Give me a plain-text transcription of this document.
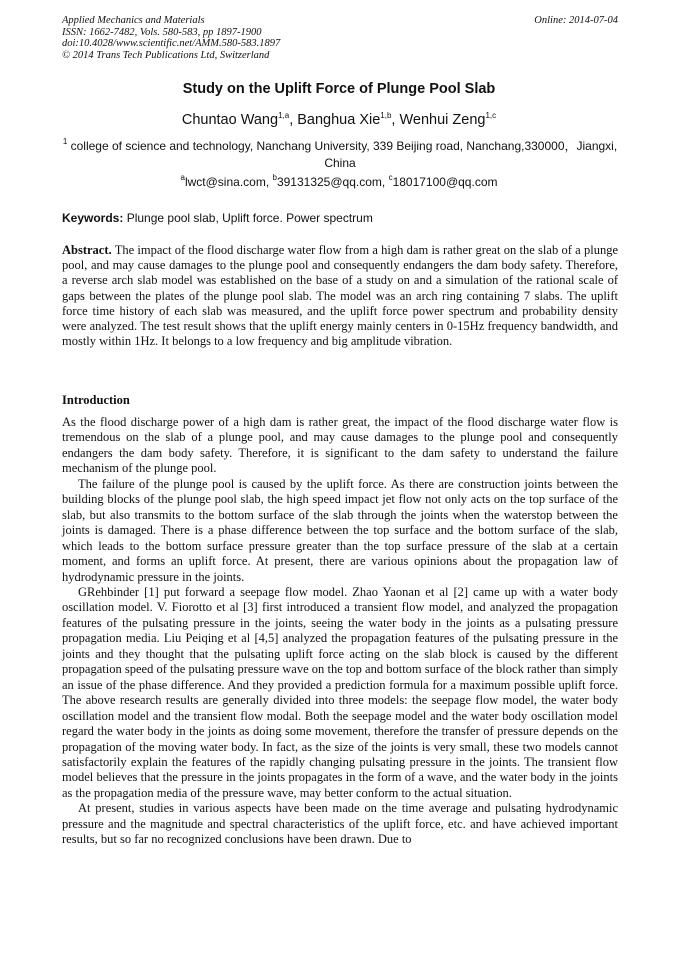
Applied Mechanics and Materials
ISSN: 1662-7482, Vols. 580-583, pp 1897-1900
doi:10.4028/www.scientific.net/AMM.580-583.1897
© 2014 Trans Tech Publications Ltd, Switzerland
Online: 2014-07-04
Study on the Uplift Force of Plunge Pool Slab
Chuntao Wang$^{1,a}$, Banghua Xie$^{1,b}$, Wenhui Zeng$^{1,c}$
$^1$ college of science and technology, Nanchang University, 339 Beijing road, Nanchang,330000，Jiangxi, China
$^a$lwct@sina.com, $^b$39131325@qq.com, $^c$18017100@qq.com
Keywords: Plunge pool slab, Uplift force. Power spectrum
Abstract. The impact of the flood discharge water flow from a high dam is rather great on the slab of a plunge pool, and may cause damages to the plunge pool and consequently endangers the dam body safety. Therefore, a reverse arch slab model was established on the base of a study on and a simulation of the rational scale of gaps between the plates of the plunge pool slab. The model was an arch ring containing 7 slabs. The uplift force time history of each slab was measured, and the uplift force power spectrum and probability density were analyzed. The test result shows that the uplift energy mainly centers in 0-15Hz frequency bandwidth, and mostly within 1Hz. It belongs to a low frequency and big amplitude vibration.
Introduction

As the flood discharge power of a high dam is rather great, the impact of the flood discharge water flow is tremendous on the slab of a plunge pool, and may cause damages to the plunge pool and consequently endangers the dam body safety. Therefore, it is significant to the dam safety to understand the failure mechanism of the plunge pool.

The failure of the plunge pool is caused by the uplift force. As there are construction joints between the building blocks of the plunge pool slab, the high speed impact jet flow not only acts on the top surface of the slab, but also transmits to the bottom surface of the slab through the joints when the waterstop between the joints is damaged. There is a phase difference between the top surface and the bottom surface of the slab, which leads to the bottom surface pressure greater than the top surface pressure of the slab at a certain moment, and forms an uplift force. At present, there are various opinions about the propagation law of hydrodynamic pressure in the joints.

GRehbinder [1] put forward a seepage flow model. Zhao Yaonan et al [2] came up with a water body oscillation model. V. Fiorotto et al [3] first introduced a transient flow model, and analyzed the propagation features of the pulsating pressure in the joints, seeing the water body in the joints as a pulsating pressure propagation media. Liu Peiqing et al [4,5] analyzed the propagation features of the pulsating pressure in the joints and they thought that the pulsating uplift force acting on the slab block is caused by the different propagation speed of the pulsating pressure wave on the top and bottom surface of the block rather than simply an issue of the phase difference. And they provided a prediction formula for a maximum possible uplift force. The above research results are generally divided into three models: the seepage flow model, the water body oscillation model and the transient flow modal. Both the seepage model and the water body oscillation model regard the water body in the joints as doing some movement, therefore the transfer of pressure depends on the propagation of the moving water body. In fact, as the size of the joints is very small, these two models cannot satisfactorily explain the features of the rapidly changing pulsating pressure in the joints. The transient flow model believes that the pressure in the joints propagates in the form of a wave, and the water body in the joints as the propagation media of the pressure wave, may better conform to the actual situation.

At present, studies in various aspects have been made on the time average and pulsating hydrodynamic pressure and the magnitude and spectral characteristics of the uplift force, etc. and have achieved important results, but so far no recognized conclusions have been drawn. Due to
